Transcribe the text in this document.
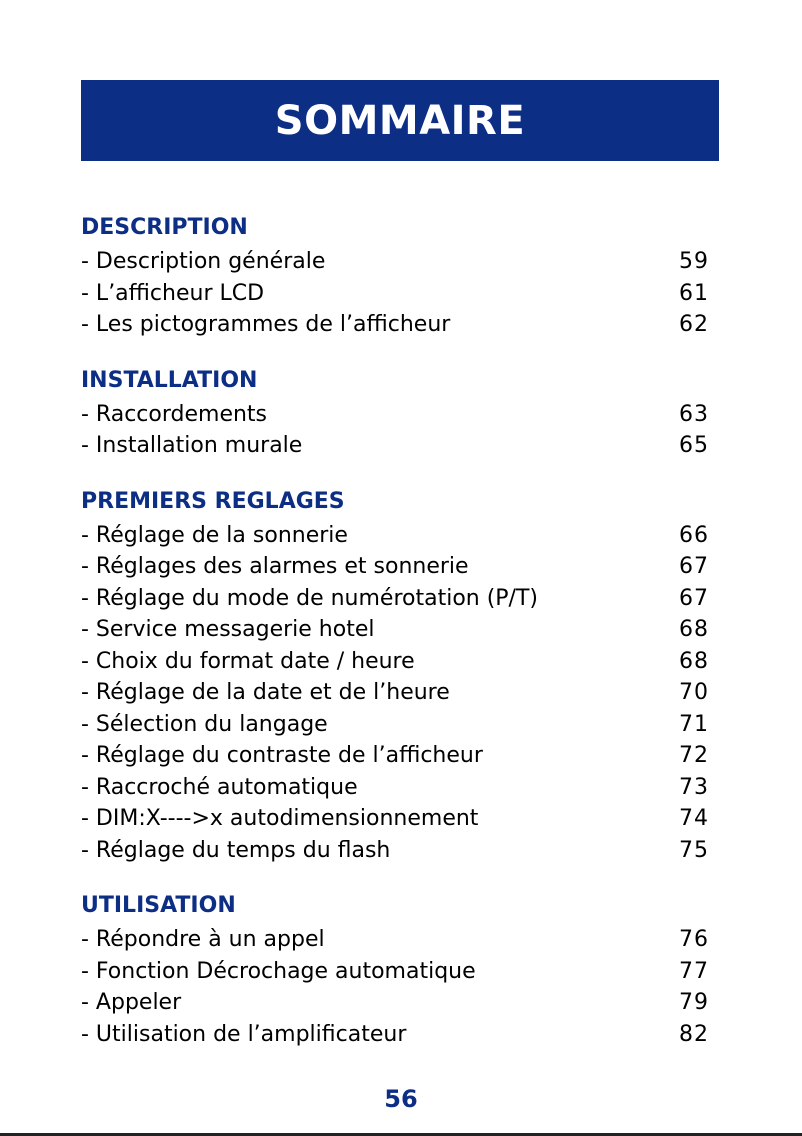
SOMMAIRE
DESCRIPTION
- Description générale	59
- L’afficheur LCD	61
- Les pictogrammes de l’afficheur	62
INSTALLATION
- Raccordements	63
- Installation murale	65
PREMIERS REGLAGES
- Réglage de la sonnerie	66
- Réglages des alarmes et sonnerie	67
- Réglage du mode de numérotation (P/T)	67
- Service messagerie hotel	68
- Choix du format date / heure	68
- Réglage de la date et de l’heure	70
- Sélection du langage	71
- Réglage du contraste de l’afficheur	72
- Raccroché automatique	73
- DIM:X---->x autodimensionnement	74
- Réglage du temps du flash	75
UTILISATION
- Répondre à un appel	76
- Fonction Décrochage automatique	77
- Appeler	79
- Utilisation de l’amplificateur	82
56
